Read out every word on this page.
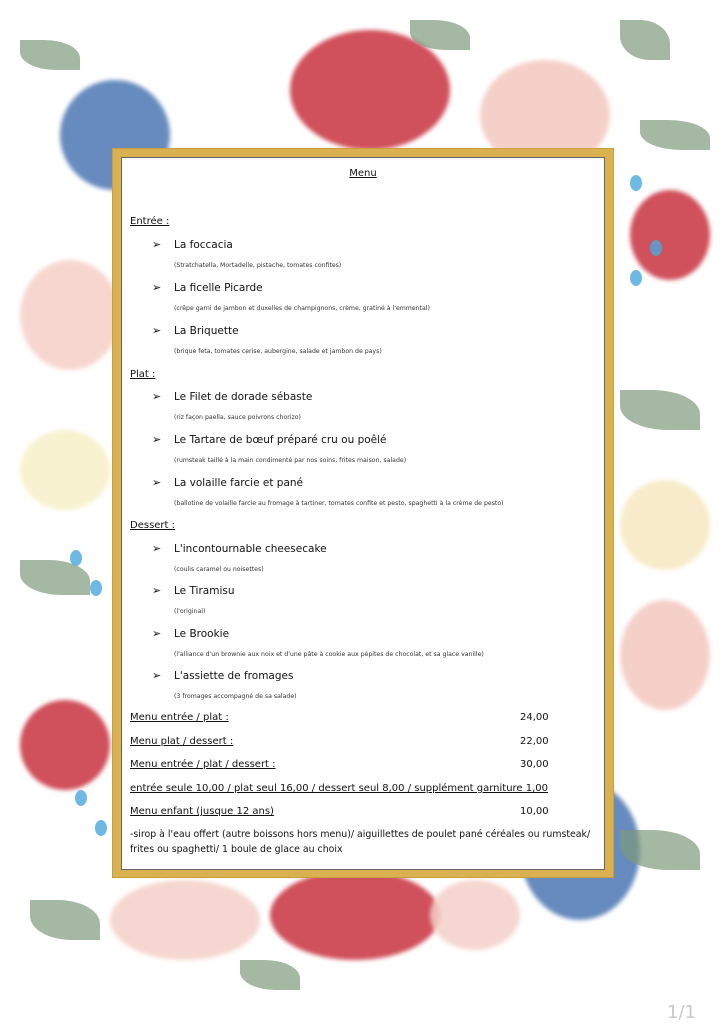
Menu
Entrée :
➢ La foccacia
(Stratchatella, Mortadelle, pistache, tomates confites)
➢ La ficelle Picarde
(crêpe garni de jambon et duxelles de champignons, crème, gratiné à l'emmental)
➢ La Briquette
(brique feta, tomates cerise, aubergine, salade et jambon de pays)
Plat :
➢ Le Filet de dorade sébaste
(riz façon paella, sauce poivrons chorizo)
➢ Le Tartare de bœuf préparé cru ou poêlé
(rumsteak taillé à la main condimenté par nos soins, frites maison, salade)
➢ La volaille farcie et pané
(ballotine de volaille farcie au fromage à tartiner, tomates confite et pesto, spaghetti à la crème de pesto)
Dessert :
➢ L'incontournable cheesecake
(coulis caramel ou noisettes)
➢ Le Tiramisu
(l'original)
➢ Le Brookie
(l'alliance d'un brownie aux noix et d'une pâte à cookie aux pépites de chocolat, et sa glace vanille)
➢ L'assiette de fromages
(3 fromages accompagné de sa salade)
Menu entrée / plat :	24,00
Menu plat / dessert :	22,00
Menu entrée / plat / dessert :	30,00
entrée seule 10,00 / plat seul 16,00 / dessert seul 8,00 / supplément garniture 1,00
Menu enfant (jusque 12 ans)	10,00
-sirop à l'eau offert (autre boissons hors menu)/ aiguillettes de poulet pané céréales ou rumsteak/ frites ou spaghetti/ 1 boule de glace au choix
1/1
